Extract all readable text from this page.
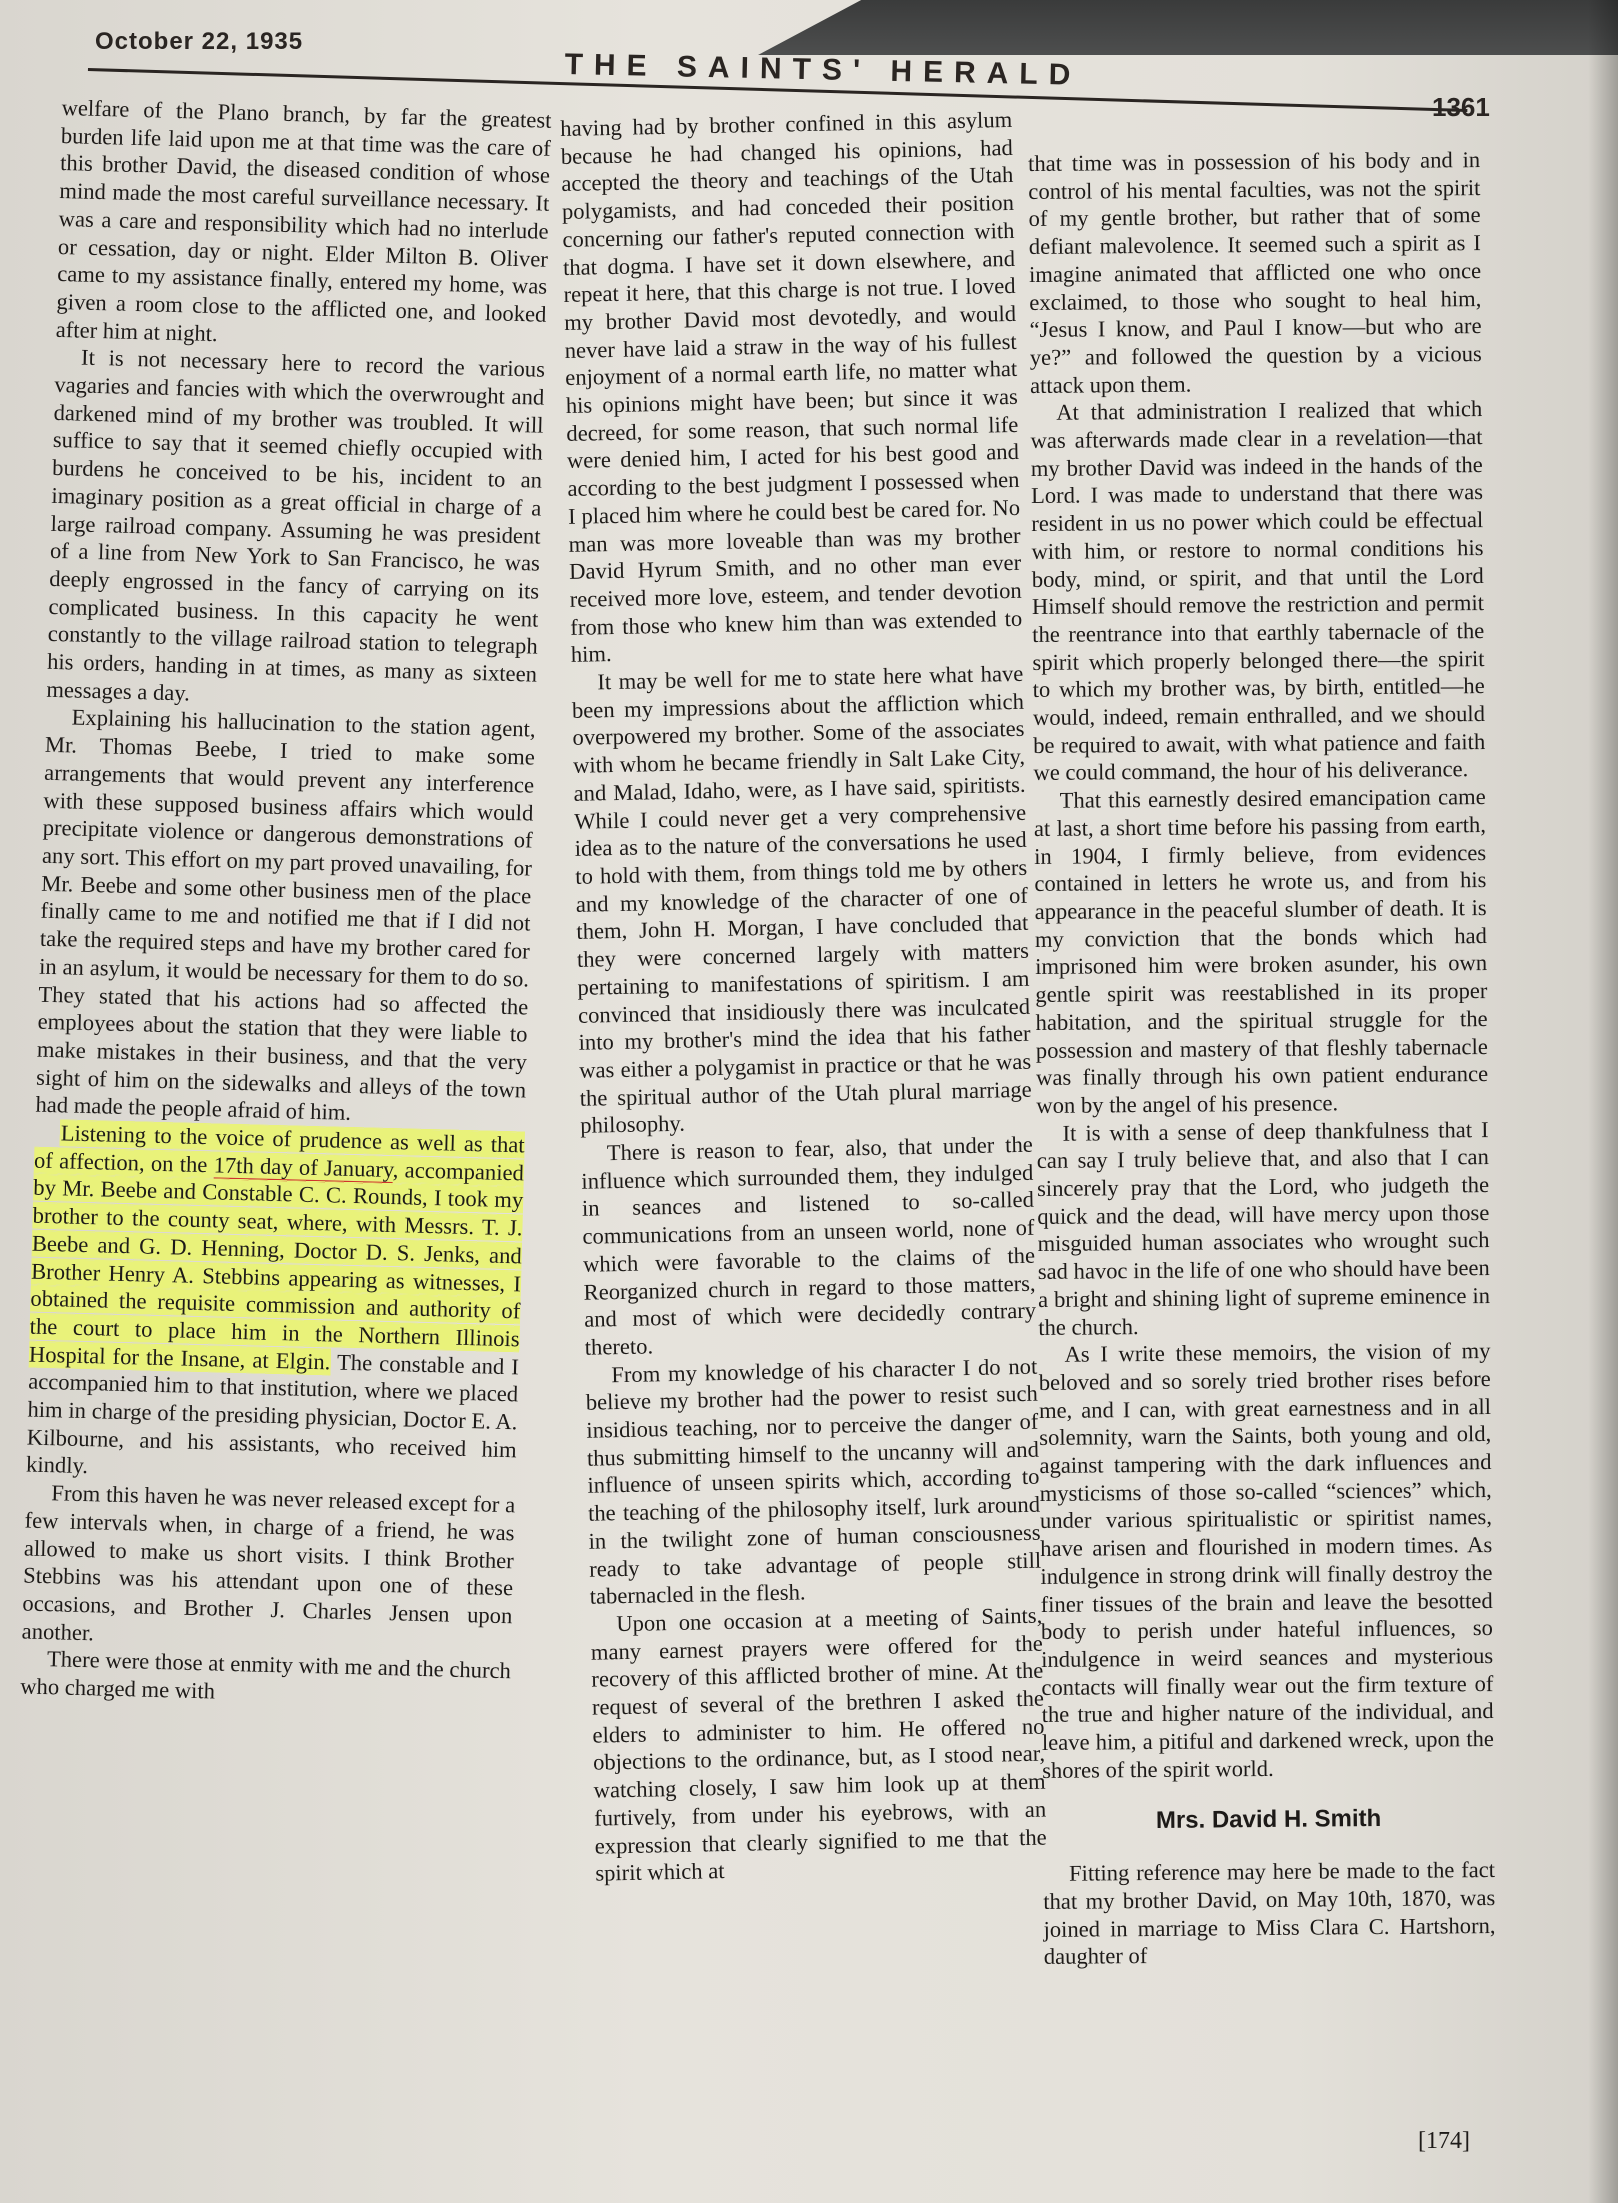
October 22, 1935
THE SAINTS' HERALD
1361

welfare of the Plano branch, by far the greatest burden life laid upon me at that time was the care of this brother David, the diseased condition of whose mind made the most careful surveillance necessary. It was a care and responsibility which had no interlude or cessation, day or night. Elder Milton B. Oliver came to my assistance finally, entered my home, was given a room close to the afflicted one, and looked after him at night.

It is not necessary here to record the various vagaries and fancies with which the overwrought and darkened mind of my brother was troubled. It will suffice to say that it seemed chiefly occupied with burdens he conceived to be his, incident to an imaginary position as a great official in charge of a large railroad company. Assuming he was president of a line from New York to San Francisco, he was deeply engrossed in the fancy of carrying on its complicated business. In this capacity he went constantly to the village railroad station to telegraph his orders, handing in at times, as many as sixteen messages a day.

Explaining his hallucination to the station agent, Mr. Thomas Beebe, I tried to make some arrangements that would prevent any interference with these supposed business affairs which would precipitate violence or dangerous demonstrations of any sort. This effort on my part proved unavailing, for Mr. Beebe and some other business men of the place finally came to me and notified me that if I did not take the required steps and have my brother cared for in an asylum, it would be necessary for them to do so. They stated that his actions had so affected the employees about the station that they were liable to make mistakes in their business, and that the very sight of him on the sidewalks and alleys of the town had made the people afraid of him.

Listening to the voice of prudence as well as that of affection, on the 17th day of January, accompanied by Mr. Beebe and Constable C. C. Rounds, I took my brother to the county seat, where, with Messrs. T. J. Beebe and G. D. Henning, Doctor D. S. Jenks, and Brother Henry A. Stebbins appearing as witnesses, I obtained the requisite commission and authority of the court to place him in the Northern Illinois Hospital for the Insane, at Elgin. The constable and I accompanied him to that institution, where we placed him in charge of the presiding physician, Doctor E. A. Kilbourne, and his assistants, who received him kindly.

From this haven he was never released except for a few intervals when, in charge of a friend, he was allowed to make us short visits. I think Brother Stebbins was his attendant upon one of these occasions, and Brother J. Charles Jensen upon another.

There were those at enmity with me and the church who charged me with

having had by brother confined in this asylum because he had changed his opinions, had accepted the theory and teachings of the Utah polygamists, and had conceded their position concerning our father's reputed connection with that dogma. I have set it down elsewhere, and repeat it here, that this charge is not true. I loved my brother David most devotedly, and would never have laid a straw in the way of his fullest enjoyment of a normal earth life, no matter what his opinions might have been; but since it was decreed, for some reason, that such normal life were denied him, I acted for his best good and according to the best judgment I possessed when I placed him where he could best be cared for. No man was more loveable than was my brother David Hyrum Smith, and no other man ever received more love, esteem, and tender devotion from those who knew him than was extended to him.

It may be well for me to state here what have been my impressions about the affliction which overpowered my brother. Some of the associates with whom he became friendly in Salt Lake City, and Malad, Idaho, were, as I have said, spiritists. While I could never get a very comprehensive idea as to the nature of the conversations he used to hold with them, from things told me by others and my knowledge of the character of one of them, John H. Morgan, I have concluded that they were concerned largely with matters pertaining to manifestations of spiritism. I am convinced that insidiously there was inculcated into my brother's mind the idea that his father was either a polygamist in practice or that he was the spiritual author of the Utah plural marriage philosophy.

There is reason to fear, also, that under the influence which surrounded them, they indulged in seances and listened to so-called communications from an unseen world, none of which were favorable to the claims of the Reorganized church in regard to those matters, and most of which were decidedly contrary thereto.

From my knowledge of his character I do not believe my brother had the power to resist such insidious teaching, nor to perceive the danger of thus submitting himself to the uncanny will and influence of unseen spirits which, according to the teaching of the philosophy itself, lurk around in the twilight zone of human consciousness ready to take advantage of people still tabernacled in the flesh.

Upon one occasion at a meeting of Saints, many earnest prayers were offered for the recovery of this afflicted brother of mine. At the request of several of the brethren I asked the elders to administer to him. He offered no objections to the ordinance, but, as I stood near, watching closely, I saw him look up at them furtively, from under his eyebrows, with an expression that clearly signified to me that the spirit which at

that time was in possession of his body and in control of his mental faculties, was not the spirit of my gentle brother, but rather that of some defiant malevolence. It seemed such a spirit as I imagine animated that afflicted one who once exclaimed, to those who sought to heal him, “Jesus I know, and Paul I know—but who are ye?” and followed the question by a vicious attack upon them.

At that administration I realized that which was afterwards made clear in a revelation—that my brother David was indeed in the hands of the Lord. I was made to understand that there was resident in us no power which could be effectual with him, or restore to normal conditions his body, mind, or spirit, and that until the Lord Himself should remove the restriction and permit the reentrance into that earthly tabernacle of the spirit which properly belonged there—the spirit to which my brother was, by birth, entitled—he would, indeed, remain enthralled, and we should be required to await, with what patience and faith we could command, the hour of his deliverance.

That this earnestly desired emancipation came at last, a short time before his passing from earth, in 1904, I firmly believe, from evidences contained in letters he wrote us, and from his appearance in the peaceful slumber of death. It is my conviction that the bonds which had imprisoned him were broken asunder, his own gentle spirit was reestablished in its proper habitation, and the spiritual struggle for the possession and mastery of that fleshly tabernacle was finally through his own patient endurance won by the angel of his presence.

It is with a sense of deep thankfulness that I can say I truly believe that, and also that I can sincerely pray that the Lord, who judgeth the quick and the dead, will have mercy upon those misguided human associates who wrought such sad havoc in the life of one who should have been a bright and shining light of supreme eminence in the church.

As I write these memoirs, the vision of my beloved and so sorely tried brother rises before me, and I can, with great earnestness and in all solemnity, warn the Saints, both young and old, against tampering with the dark influences and mysticisms of those so-called “sciences” which, under various spiritualistic or spiritist names, have arisen and flourished in modern times. As indulgence in strong drink will finally destroy the finer tissues of the brain and leave the besotted body to perish under hateful influences, so indulgence in weird seances and mysterious contacts will finally wear out the firm texture of the true and higher nature of the individual, and leave him, a pitiful and darkened wreck, upon the shores of the spirit world.

Mrs. David H. Smith

Fitting reference may here be made to the fact that my brother David, on May 10th, 1870, was joined in marriage to Miss Clara C. Hartshorn, daughter of

[174]
